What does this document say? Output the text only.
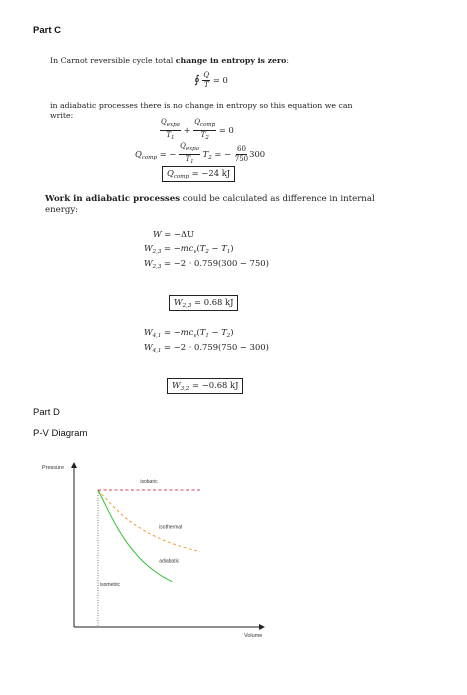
Part C
In Carnot reversible cycle total change in entropy is zero:
∮ $\frac{Q}{T} = 0$
in adiabatic processes there is no change in entropy so this equation we can write:
$\frac{Q_{expa}}{T_1} + \frac{Q_{comp}}{T_2} = 0$
$Q_{comp}$ = − $\frac{Q_{expa}}{T_1} T_2$ = − $\frac{60}{750} 300$
$Q_{comp} = -24$ kJ
Work in adiabatic processes could be calculated as difference in internal energy:
W = −ΔU
$W_{2,3} = -mc_v(T_2 - T_1)$
$W_{2,3} = -2 \cdot 0.759(300 - 750)$
$W_{2,3} = 0.68$ kJ
$W_{4,1} = -mc_v(T_1 - T_2)$
$W_{4,1} = -2 \cdot 0.759(750 - 300)$
$W_{3,2} = -0.68$ kJ
Part D
P-V Diagram
Pressure
Volume
isobaric
isothermal
adiabatic
isometric
